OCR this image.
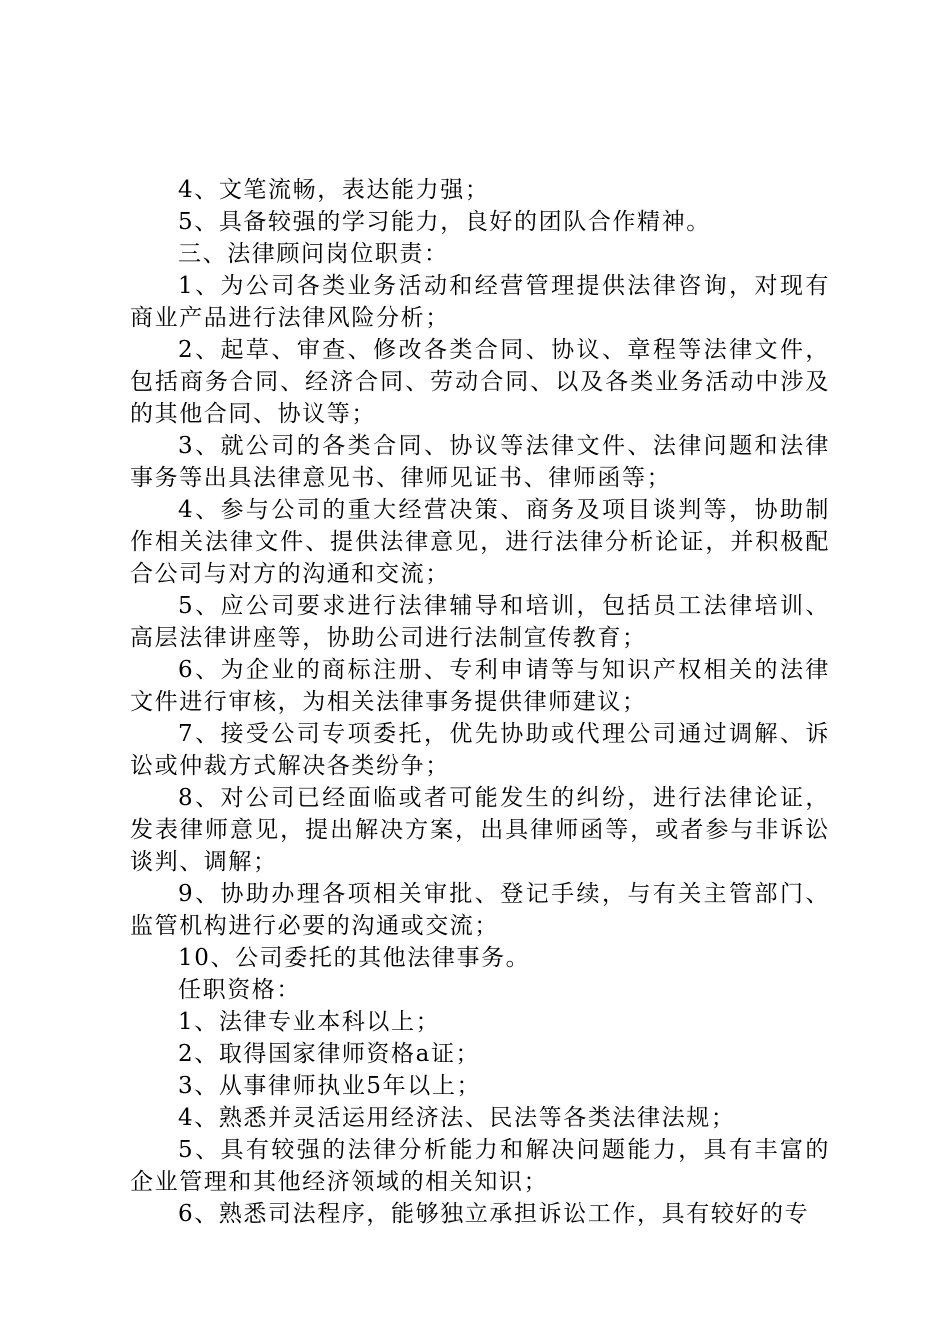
4、文笔流畅，表达能力强；

5、具备较强的学习能力，良好的团队合作精神。

三、法律顾问岗位职责：

1、为公司各类业务活动和经营管理提供法律咨询，对现有商业产品进行法律风险分析；

2、起草、审查、修改各类合同、协议、章程等法律文件，包括商务合同、经济合同、劳动合同、以及各类业务活动中涉及的其他合同、协议等；

3、就公司的各类合同、协议等法律文件、法律问题和法律事务等出具法律意见书、律师见证书、律师函等；

4、参与公司的重大经营决策、商务及项目谈判等，协助制作相关法律文件、提供法律意见，进行法律分析论证，并积极配合公司与对方的沟通和交流；

5、应公司要求进行法律辅导和培训，包括员工法律培训、高层法律讲座等，协助公司进行法制宣传教育；

6、为企业的商标注册、专利申请等与知识产权相关的法律文件进行审核，为相关法律事务提供律师建议；

7、接受公司专项委托，优先协助或代理公司通过调解、诉讼或仲裁方式解决各类纷争；

8、对公司已经面临或者可能发生的纠纷，进行法律论证，发表律师意见，提出解决方案，出具律师函等，或者参与非诉讼谈判、调解；

9、协助办理各项相关审批、登记手续，与有关主管部门、监管机构进行必要的沟通或交流；

10、公司委托的其他法律事务。

任职资格：

1、法律专业本科以上；

2、取得国家律师资格a证；

3、从事律师执业5年以上；

4、熟悉并灵活运用经济法、民法等各类法律法规；

5、具有较强的法律分析能力和解决问题能力，具有丰富的企业管理和其他经济领域的相关知识；

6、熟悉司法程序，能够独立承担诉讼工作，具有较好的专
